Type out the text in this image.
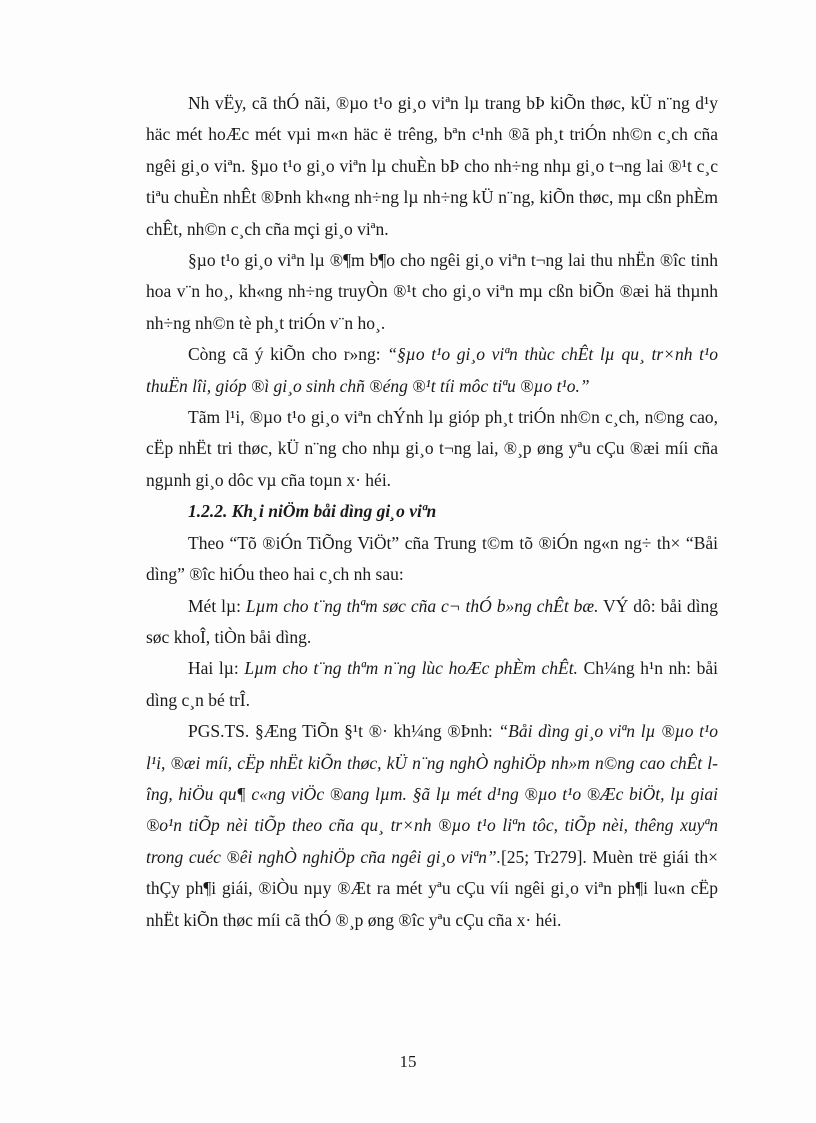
Nh vËy, cã thÓ nãi, ®µo t¹o gi¸o viªn lµ trang bÞ kiÕn thøc, kÜ n¨ng d¹y häc mét hoÆc mét vµi m«n häc ë trêng, bªn c¹nh ®ã ph¸t triÓn nh©n c¸ch cña ngêi gi¸o viªn. §µo t¹o gi¸o viªn lµ chuÈn bÞ cho nh÷ng nhµ gi¸o t¬ng lai ®¹t c¸c tiªu chuÈn nhÊt ®Þnh kh«ng nh÷ng lµ nh÷ng kÜ n¨ng, kiÕn thøc, mµ cßn phÈm chÊt, nh©n c¸ch cña mçi gi¸o viªn.

§µo t¹o gi¸o viªn lµ ®¶m b¶o cho ngêi gi¸o viªn t¬ng lai thu nhËn ®îc tinh hoa v¨n ho¸, kh«ng nh÷ng truyÒn ®¹t cho gi¸o viªn mµ cßn biÕn ®æi hä thµnh nh÷ng nh©n tè ph¸t triÓn v¨n ho¸.

Còng cã ý kiÕn cho r»ng: “§µo t¹o gi¸o viªn thùc chÊt lµ qu¸ tr×nh t¹o thuËn lîi, gióp ®ì gi¸o sinh chñ ®éng ®¹t tíi môc tiªu ®µo t¹o.”

Tãm l¹i, ®µo t¹o gi¸o viªn chÝnh lµ gióp ph¸t triÓn nh©n c¸ch, n©ng cao, cËp nhËt tri thøc, kÜ n¨ng cho nhµ gi¸o t¬ng lai, ®¸p øng yªu cÇu ®æi míi cña ngµnh gi¸o dôc vµ cña toµn x· héi.

1.2.2. Kh¸i niÖm båi dìng gi¸o viªn

Theo “Tõ ®iÓn TiÕng ViÖt” cña Trung t©m tõ ®iÓn ng«n ng÷ th× “Båi dìng” ®îc hiÓu theo hai c¸ch nh sau:

Mét lµ: Lµm cho t¨ng thªm søc cña c¬ thÓ b»ng chÊt bæ. VÝ dô: båi dìng søc khoÎ, tiÒn båi dìng.

Hai lµ: Lµm cho t¨ng thªm n¨ng lùc hoÆc phÈm chÊt. Ch¼ng h¹n nh: båi dìng c¸n bé trÎ.

PGS.TS. §Æng TiÕn §¹t ®· kh¼ng ®Þnh: “Båi dìng gi¸o viªn lµ ®µo t¹o l¹i, ®æi míi, cËp nhËt kiÕn thøc, kÜ n¨ng nghÒ nghiÖp nh»m n©ng cao chÊt lîng, hiÖu qu¶ c«ng viÖc ®ang lµm. §ã lµ mét d¹ng ®µo t¹o ®Æc biÖt, lµ giai ®o¹n tiÕp nèi tiÕp theo cña qu¸ tr×nh ®µo t¹o liªn tôc, tiÕp nèi, thêng xuyªn trong cuéc ®êi nghÒ nghiÖp cña ngêi gi¸o viªn”.[25; Tr279]. Muèn trë giái th× thÇy ph¶i giái, ®iÒu nµy ®Æt ra mét yªu cÇu víi ngêi gi¸o viªn ph¶i lu«n cËp nhËt kiÕn thøc míi cã thÓ ®¸p øng ®îc yªu cÇu cña x· héi.

15
